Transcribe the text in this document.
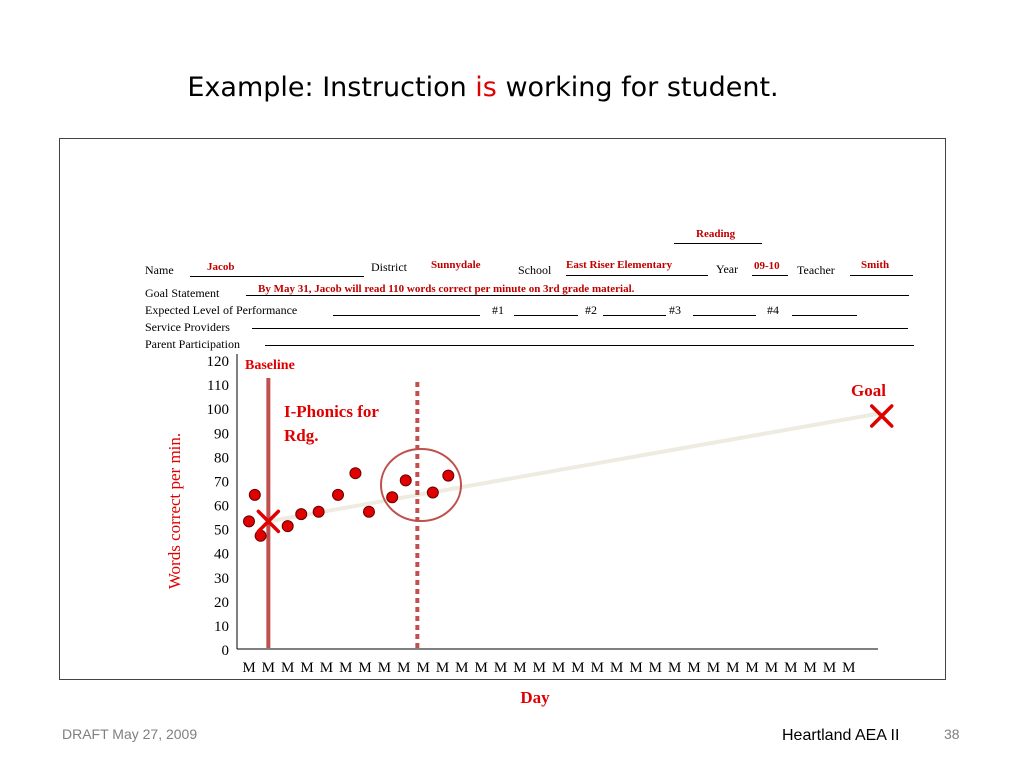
Example: Instruction is working for student.
Reading
Name	Jacob	District Sunnydale	School East Riser Elementary	Year 09-10 Teacher Smith
Goal Statement	By May 31, Jacob will read 110 words correct per minute on 3rd grade material.
Expected Level of Performance	#1	#2	#3	#4
Service Providers
Parent Participation
0
10
20
30
40
50
60
70
80
90
100
110
120
M M M M M M M M M M M M M M M M M M M M M M M M M M M M M M M M
Words correct per min.
Day
Baseline
I-Phonics for
Rdg.
Goal
DRAFT May 27, 2009	Heartland AEA II	38
